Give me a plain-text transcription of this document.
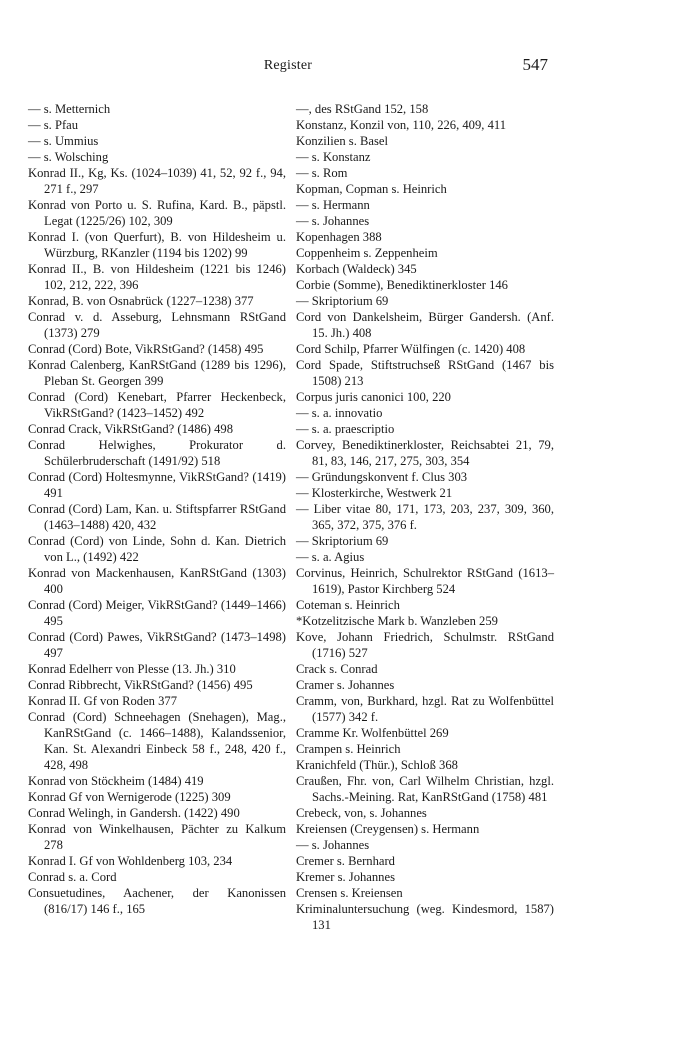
Register	547

— s. Metternich

— s. Pfau

— s. Ummius

— s. Wolsching

Konrad II., Kg, Ks. (1024–1039) 41, 52, 92 f., 94, 271 f., 297

Konrad von Porto u. S. Rufina, Kard. B., päpstl. Legat (1225/26) 102, 309

Konrad I. (von Querfurt), B. von Hildesheim u. Würzburg, RKanzler (1194 bis 1202) 99

Konrad II., B. von Hildesheim (1221 bis 1246) 102, 212, 222, 396

Konrad, B. von Osnabrück (1227–1238) 377

Conrad v. d. Asseburg, Lehnsmann RStGand (1373) 279

Conrad (Cord) Bote, VikRStGand? (1458) 495

Konrad Calenberg, KanRStGand (1289 bis 1296), Pleban St. Georgen 399

Conrad (Cord) Kenebart, Pfarrer Heckenbeck, VikRStGand? (1423–1452) 492

Conrad Crack, VikRStGand? (1486) 498

Conrad Helwighes, Prokurator d. Schülerbruderschaft (1491/92) 518

Conrad (Cord) Holtesmynne, VikRStGand? (1419) 491

Conrad (Cord) Lam, Kan. u. Stiftspfarrer RStGand (1463–1488) 420, 432

Conrad (Cord) von Linde, Sohn d. Kan. Dietrich von L., (1492) 422

Konrad von Mackenhausen, KanRStGand (1303) 400

Conrad (Cord) Meiger, VikRStGand? (1449–1466) 495

Conrad (Cord) Pawes, VikRStGand? (1473–1498) 497

Konrad Edelherr von Plesse (13. Jh.) 310

Conrad Ribbrecht, VikRStGand? (1456) 495

Konrad II. Gf von Roden 377

Conrad (Cord) Schneehagen (Snehagen), Mag., KanRStGand (c. 1466–1488), Kalandssenior, Kan. St. Alexandri Einbeck 58 f., 248, 420 f., 428, 498

Konrad von Stöckheim (1484) 419

Konrad Gf von Wernigerode (1225) 309

Conrad Welingh, in Gandersh. (1422) 490

Konrad von Winkelhausen, Pächter zu Kalkum 278

Konrad I. Gf von Wohldenberg 103, 234

Conrad s. a. Cord

Consuetudines, Aachener, der Kanonissen (816/17) 146 f., 165

—, des RStGand 152, 158

Konstanz, Konzil von, 110, 226, 409, 411

Konzilien s. Basel

— s. Konstanz

— s. Rom

Kopman, Copman s. Heinrich

— s. Hermann

— s. Johannes

Kopenhagen 388

Coppenheim s. Zeppenheim

Korbach (Waldeck) 345

Corbie (Somme), Benediktinerkloster 146

— Skriptorium 69

Cord von Dankelsheim, Bürger Gandersh. (Anf. 15. Jh.) 408

Cord Schilp, Pfarrer Wülfingen (c. 1420) 408

Cord Spade, Stiftstruchseß RStGand (1467 bis 1508) 213

Corpus juris canonici 100, 220

— s. a. innovatio

— s. a. praescriptio

Corvey, Benediktinerkloster, Reichsabtei 21, 79, 81, 83, 146, 217, 275, 303, 354

— Gründungskonvent f. Clus 303

— Klosterkirche, Westwerk 21

— Liber vitae 80, 171, 173, 203, 237, 309, 360, 365, 372, 375, 376 f.

— Skriptorium 69

— s. a. Agius

Corvinus, Heinrich, Schulrektor RStGand (1613–1619), Pastor Kirchberg 524

Coteman s. Heinrich

*Kotzelitzische Mark b. Wanzleben 259

Kove, Johann Friedrich, Schulmstr. RStGand (1716) 527

Crack s. Conrad

Cramer s. Johannes

Cramm, von, Burkhard, hzgl. Rat zu Wolfenbüttel (1577) 342 f.

Cramme Kr. Wolfenbüttel 269

Crampen s. Heinrich

Kranichfeld (Thür.), Schloß 368

Craußen, Fhr. von, Carl Wilhelm Christian, hzgl. Sachs.-Meining. Rat, KanRStGand (1758) 481

Crebeck, von, s. Johannes

Kreiensen (Creygensen) s. Hermann

— s. Johannes

Cremer s. Bernhard

Kremer s. Johannes

Crensen s. Kreiensen

Kriminaluntersuchung (weg. Kindesmord, 1587) 131
